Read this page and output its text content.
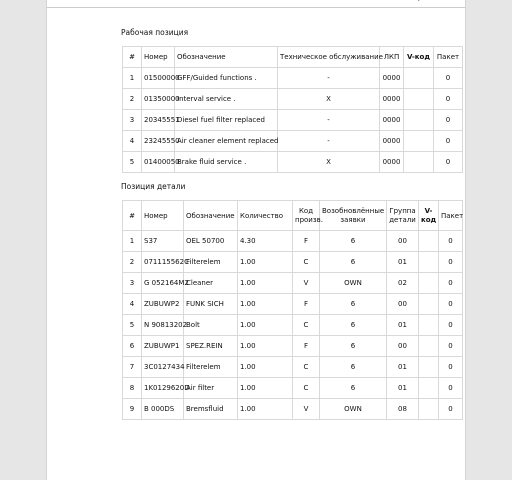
Рабочая позиция
#	Номер	Обозначение	Техническое обслуживание	ЛКП	V-код	Пакет
1	01500000	GFF/Guided functions .	-	0000		0
2	01350000	Interval service .	X	0000		0
3	20345551	Diesel fuel filter replaced	-	0000		0
4	23245550	Air cleaner element replaced	-	0000		0
5	01400050	Brake fluid service .	X	0000		0
Позиция детали
#	Номер	Обозначение	Количество	Код произв.	Возобновлённые заявки	Группа детали	V-код	Пакет
1	S37	OEL 50700	4.30	F	6	00		0
2	071115562C	Filterelem	1.00	C	6	01		0
3	G 052164M2	Cleaner	1.00	V	OWN	02		0
4	ZUBUWP2	FUNK SICH	1.00	F	6	00		0
5	N 90813202	Bolt	1.00	C	6	01		0
6	ZUBUWP1	SPEZ.REIN	1.00	F	6	00		0
7	3C0127434	Filterelem	1.00	C	6	01		0
8	1K0129620D	Air filter	1.00	C	6	01		0
9	B 000DS	Bremsfluid	1.00	V	OWN	08		0
